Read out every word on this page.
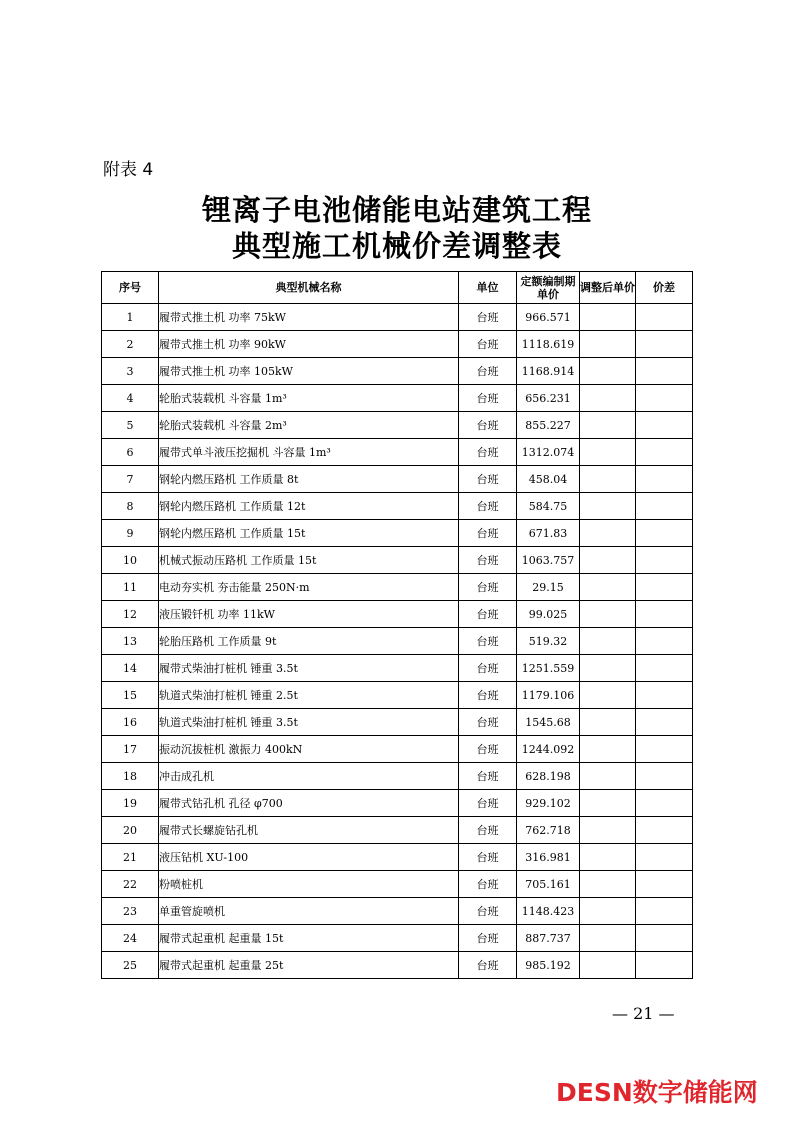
附表 4
锂离子电池储能电站建筑工程
典型施工机械价差调整表
序号	典型机械名称	单位	定额编制期单价	调整后单价	价差
1	履带式推土机 功率 75kW	台班	966.571		
2	履带式推土机 功率 90kW	台班	1118.619		
3	履带式推土机 功率 105kW	台班	1168.914		
4	轮胎式装载机 斗容量 1m³	台班	656.231		
5	轮胎式装载机 斗容量 2m³	台班	855.227		
6	履带式单斗液压挖掘机 斗容量 1m³	台班	1312.074		
7	钢轮内燃压路机 工作质量 8t	台班	458.04		
8	钢轮内燃压路机 工作质量 12t	台班	584.75		
9	钢轮内燃压路机 工作质量 15t	台班	671.83		
10	机械式振动压路机 工作质量 15t	台班	1063.757		
11	电动夯实机 夯击能量 250N·m	台班	29.15		
12	液压锻钎机 功率 11kW	台班	99.025		
13	轮胎压路机 工作质量 9t	台班	519.32		
14	履带式柴油打桩机 锤重 3.5t	台班	1251.559		
15	轨道式柴油打桩机 锤重 2.5t	台班	1179.106		
16	轨道式柴油打桩机 锤重 3.5t	台班	1545.68		
17	振动沉拔桩机 激振力 400kN	台班	1244.092		
18	冲击成孔机	台班	628.198		
19	履带式钻孔机 孔径 φ700	台班	929.102		
20	履带式长螺旋钻孔机	台班	762.718		
21	液压钻机 XU-100	台班	316.981		
22	粉喷桩机	台班	705.161		
23	单重管旋喷机	台班	1148.423		
24	履带式起重机 起重量 15t	台班	887.737		
25	履带式起重机 起重量 25t	台班	985.192		
— 21 —
DESN数字储能网
